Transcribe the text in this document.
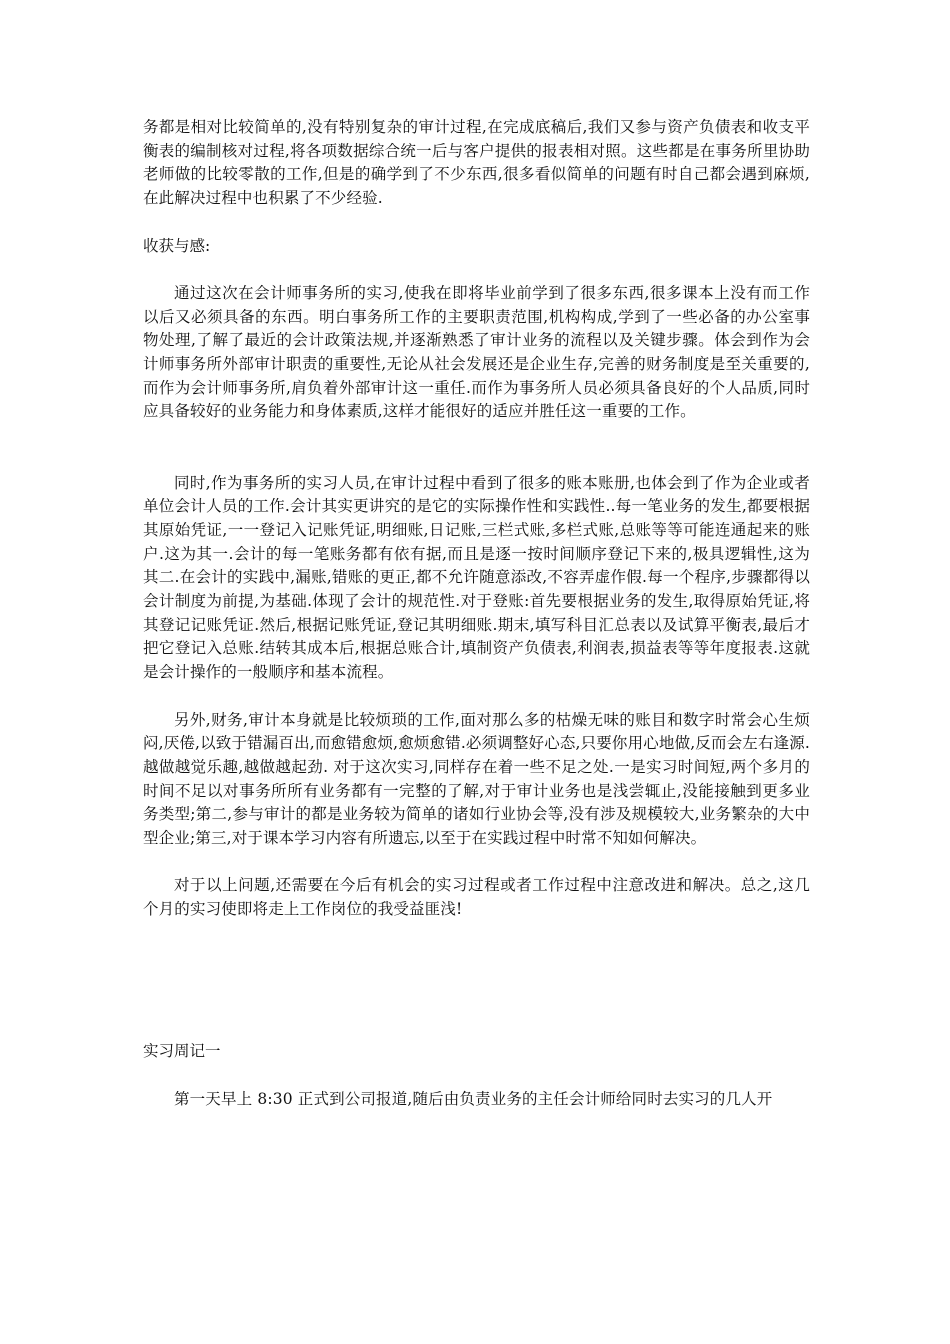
务都是相对比较简单的,没有特别复杂的审计过程,在完成底稿后,我们又参与资产负债表和收支平衡表的编制核对过程,将各项数据综合统一后与客户提供的报表相对照。这些都是在事务所里协助老师做的比较零散的工作,但是的确学到了不少东西,很多看似简单的问题有时自己都会遇到麻烦,在此解决过程中也积累了不少经验.

收获与感:

通过这次在会计师事务所的实习,使我在即将毕业前学到了很多东西,很多课本上没有而工作以后又必须具备的东西。明白事务所工作的主要职责范围,机构构成,学到了一些必备的办公室事物处理,了解了最近的会计政策法规,并逐渐熟悉了审计业务的流程以及关键步骤。体会到作为会计师事务所外部审计职责的重要性,无论从社会发展还是企业生存,完善的财务制度是至关重要的,而作为会计师事务所,肩负着外部审计这一重任.而作为事务所人员必须具备良好的个人品质,同时应具备较好的业务能力和身体素质,这样才能很好的适应并胜任这一重要的工作。

同时,作为事务所的实习人员,在审计过程中看到了很多的账本账册,也体会到了作为企业或者单位会计人员的工作.会计其实更讲究的是它的实际操作性和实践性..每一笔业务的发生,都要根据其原始凭证,一一登记入记账凭证,明细账,日记账,三栏式账,多栏式账,总账等等可能连通起来的账户.这为其一.会计的每一笔账务都有依有据,而且是逐一按时间顺序登记下来的,极具逻辑性,这为其二.在会计的实践中,漏账,错账的更正,都不允许随意添改,不容弄虚作假.每一个程序,步骤都得以会计制度为前提,为基础.体现了会计的规范性.对于登账:首先要根据业务的发生,取得原始凭证,将其登记记账凭证.然后,根据记账凭证,登记其明细账.期末,填写科目汇总表以及试算平衡表,最后才把它登记入总账.结转其成本后,根据总账合计,填制资产负债表,利润表,损益表等等年度报表.这就是会计操作的一般顺序和基本流程。

另外,财务,审计本身就是比较烦琐的工作,面对那么多的枯燥无味的账目和数字时常会心生烦闷,厌倦,以致于错漏百出,而愈错愈烦,愈烦愈错.必须调整好心态,只要你用心地做,反而会左右逢源.越做越觉乐趣,越做越起劲. 对于这次实习,同样存在着一些不足之处.一是实习时间短,两个多月的时间不足以对事务所所有业务都有一完整的了解,对于审计业务也是浅尝辄止,没能接触到更多业务类型;第二,参与审计的都是业务较为简单的诸如行业协会等,没有涉及规模较大,业务繁杂的大中型企业;第三,对于课本学习内容有所遗忘,以至于在实践过程中时常不知如何解决。

对于以上问题,还需要在今后有机会的实习过程或者工作过程中注意改进和解决。总之,这几个月的实习使即将走上工作岗位的我受益匪浅!

实习周记一

第一天早上 8:30 正式到公司报道,随后由负责业务的主任会计师给同时去实习的几人开
